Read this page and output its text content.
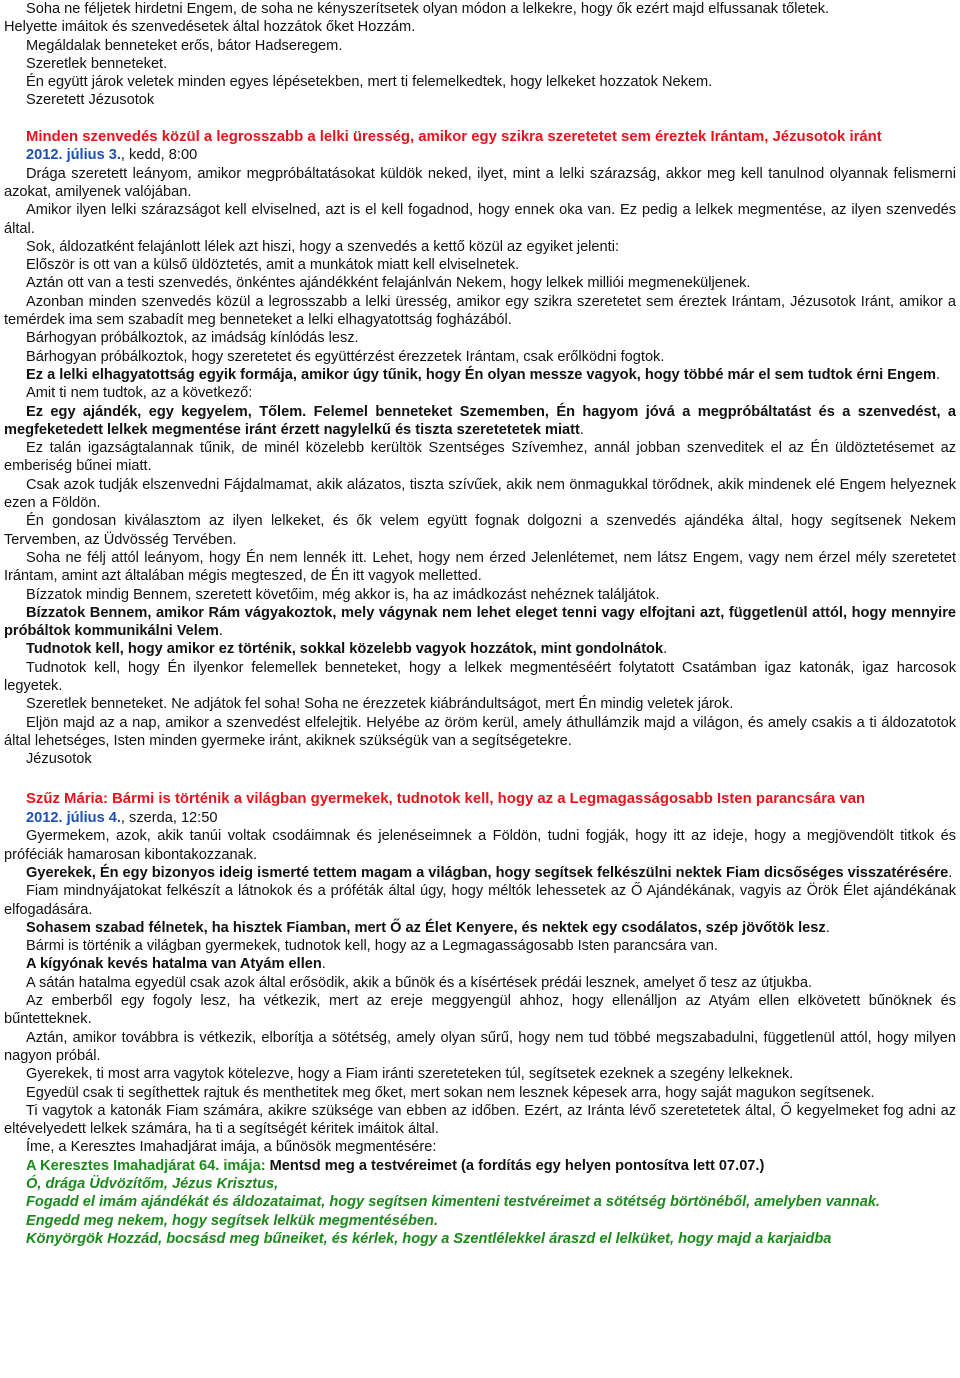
Soha ne féljetek hirdetni Engem, de soha ne kényszerítsetek olyan módon a lelkekre, hogy ők ezért majd elfussanak tőletek.

Helyette imáitok és szenvedésetek által hozzátok őket Hozzám.

Megáldalak benneteket erős, bátor Hadseregem.

Szeretlek benneteket.

Én együtt járok veletek minden egyes lépésetekben, mert ti felemelkedtek, hogy lelkeket hozzatok Nekem.

Szeretett Jézusotok

Minden szenvedés közül a legrosszabb a lelki üresség, amikor egy szikra szeretetet sem éreztek Irántam, Jézusotok iránt

2012. július 3., kedd, 8:00

Drága szeretett leányom, amikor megpróbáltatásokat küldök neked, ilyet, mint a lelki szárazság, akkor meg kell tanulnod olyannak felismerni azokat, amilyenek valójában.

Amikor ilyen lelki szárazságot kell elviselned, azt is el kell fogadnod, hogy ennek oka van. Ez pedig a lelkek megmentése, az ilyen szenvedés által.

Sok, áldozatként felajánlott lélek azt hiszi, hogy a szenvedés a kettő közül az egyiket jelenti:

Először is ott van a külső üldöztetés, amit a munkátok miatt kell elviselnetek.

Aztán ott van a testi szenvedés, önkéntes ajándékként felajánlván Nekem, hogy lelkek milliói megmeneküljenek.

Azonban minden szenvedés közül a legrosszabb a lelki üresség, amikor egy szikra szeretetet sem éreztek Irántam, Jézusotok Iránt, amikor a temérdek ima sem szabadít meg benneteket a lelki elhagyatottság fogházából.

Bárhogyan próbálkoztok, az imádság kínlódás lesz.

Bárhogyan próbálkoztok, hogy szeretetet és együttérzést érezzetek Irántam, csak erőlködni fogtok.

Ez a lelki elhagyatottság egyik formája, amikor úgy tűnik, hogy Én olyan messze vagyok, hogy többé már el sem tudtok érni Engem.

Amit ti nem tudtok, az a következő:

Ez egy ajándék, egy kegyelem, Tőlem. Felemel benneteket Szememben, Én hagyom jóvá a megpróbáltatást és a szenvedést, a megfeketedett lelkek megmentése iránt érzett nagylelkű és tiszta szeretetetek miatt.

Ez talán igazságtalannak tűnik, de minél közelebb kerültök Szentséges Szívemhez, annál jobban szenveditek el az Én üldöztetésemet az emberiség bűnei miatt.

Csak azok tudják elszenvedni Fájdalmamat, akik alázatos, tiszta szívűek, akik nem önmagukkal törődnek, akik mindenek elé Engem helyeznek ezen a Földön.

Én gondosan kiválasztom az ilyen lelkeket, és ők velem együtt fognak dolgozni a szenvedés ajándéka által, hogy segítsenek Nekem Tervemben, az Üdvösség Tervében.

Soha ne félj attól leányom, hogy Én nem lennék itt. Lehet, hogy nem érzed Jelenlétemet, nem látsz Engem, vagy nem érzel mély szeretetet Irántam, amint azt általában mégis megteszed, de Én itt vagyok melletted.

Bízzatok mindig Bennem, szeretett követőim, még akkor is, ha az imádkozást nehéznek találjátok.

Bízzatok Bennem, amikor Rám vágyakoztok, mely vágynak nem lehet eleget tenni vagy elfojtani azt, függetlenül attól, hogy mennyire próbáltok kommunikálni Velem.

Tudnotok kell, hogy amikor ez történik, sokkal közelebb vagyok hozzátok, mint gondolnátok.

Tudnotok kell, hogy Én ilyenkor felemellek benneteket, hogy a lelkek megmentéséért folytatott Csatámban igaz katonák, igaz harcosok legyetek.

Szeretlek benneteket. Ne adjátok fel soha! Soha ne érezzetek kiábrándultságot, mert Én mindig veletek járok.

Eljön majd az a nap, amikor a szenvedést elfelejtik. Helyébe az öröm kerül, amely áthullámzik majd a világon, és amely csakis a ti áldozatotok által lehetséges, Isten minden gyermeke iránt, akiknek szükségük van a segítségetekre.

Jézusotok

Szűz Mária: Bármi is történik a világban gyermekek, tudnotok kell, hogy az a Legmagasságosabb Isten parancsára van

2012. július 4., szerda, 12:50

Gyermekem, azok, akik tanúi voltak csodáimnak és jelenéseimnek a Földön, tudni fogják, hogy itt az ideje, hogy a megjövendölt titkok és próféciák hamarosan kibontakozzanak.

Gyerekek, Én egy bizonyos ideig ismerté tettem magam a világban, hogy segítsek felkészülni nektek Fiam dicsőséges visszatérésére.

Fiam mindnyájatokat felkészít a látnokok és a próféták által úgy, hogy méltók lehessetek az Ő Ajándékának, vagyis az Örök Élet ajándékának elfogadására.

Sohasem szabad félnetek, ha hisztek Fiamban, mert Ő az Élet Kenyere, és nektek egy csodálatos, szép jövőtök lesz.

Bármi is történik a világban gyermekek, tudnotok kell, hogy az a Legmagasságosabb Isten parancsára van.

A kígyónak kevés hatalma van Atyám ellen.

A sátán hatalma egyedül csak azok által erősödik, akik a bűnök és a kísértések prédái lesznek, amelyet ő tesz az útjukba.

Az emberből egy fogoly lesz, ha vétkezik, mert az ereje meggyengül ahhoz, hogy ellenálljon az Atyám ellen elkövetett bűnöknek és bűntetteknek.

Aztán, amikor továbbra is vétkezik, elborítja a sötétség, amely olyan sűrű, hogy nem tud többé megszabadulni, függetlenül attól, hogy milyen nagyon próbál.

Gyerekek, ti most arra vagytok kötelezve, hogy a Fiam iránti szereteteken túl, segítsetek ezeknek a szegény lelkeknek.

Egyedül csak ti segíthettek rajtuk és menthetitek meg őket, mert sokan nem lesznek képesek arra, hogy saját magukon segítsenek.

Ti vagytok a katonák Fiam számára, akikre szüksége van ebben az időben. Ezért, az Iránta lévő szeretetetek által, Ő kegyelmeket fog adni az eltévelyedett lelkek számára, ha ti a segítségét kéritek imáitok által.

Íme, a Keresztes Imahadjárat imája, a bűnösök megmentésére:

A Keresztes Imahadjárat 64. imája: Mentsd meg a testvéreimet (a fordítás egy helyen pontosítva lett 07.07.)

Ó, drága Üdvözítőm, Jézus Krisztus,

Fogadd el imám ajándékát és áldozataimat, hogy segítsen kimenteni testvéreimet a sötétség börtönéből, amelyben vannak.

Engedd meg nekem, hogy segítsek lelkük megmentésében.

Könyörgök Hozzád, bocsásd meg bűneiket, és kérlek, hogy a Szentlélekkel áraszd el lelküket, hogy majd a karjaidba
